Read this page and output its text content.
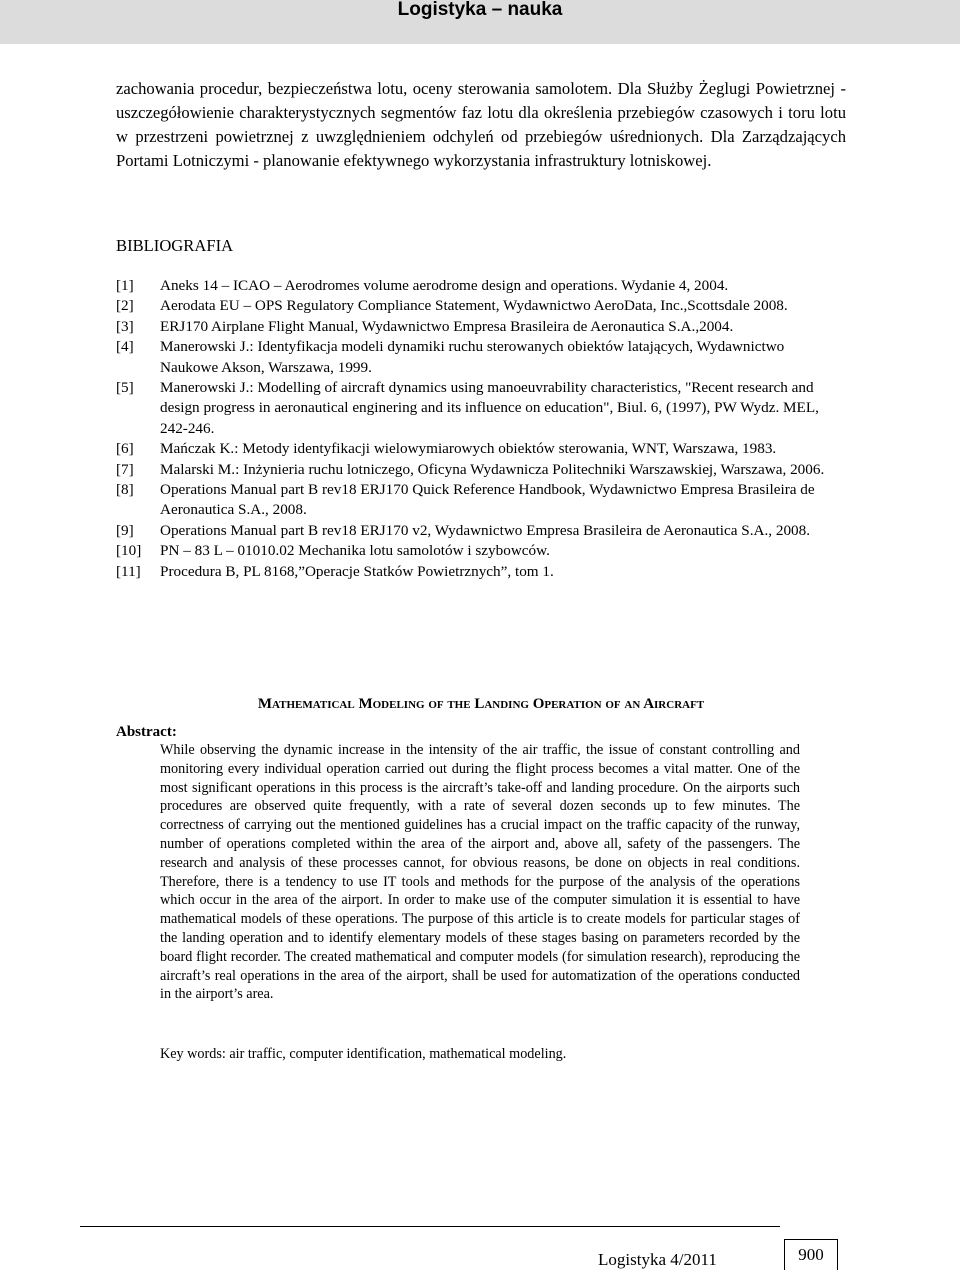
Logistyka – nauka
zachowania procedur, bezpieczeństwa lotu, oceny sterowania samolotem. Dla Służby Żeglugi Powietrznej - uszczegółowienie charakterystycznych segmentów faz lotu dla określenia przebiegów czasowych i toru lotu w przestrzeni powietrznej z uwzględnieniem odchyleń od przebiegów uśrednionych. Dla Zarządzających Portami Lotniczymi - planowanie efektywnego wykorzystania infrastruktury lotniskowej.
BIBLIOGRAFIA
[1]	Aneks 14 – ICAO – Aerodromes volume aerodrome design and operations. Wydanie 4, 2004.
[2]	Aerodata EU – OPS Regulatory Compliance Statement, Wydawnictwo AeroData, Inc.,Scottsdale 2008.
[3]	ERJ170 Airplane Flight Manual, Wydawnictwo Empresa Brasileira de Aeronautica S.A.,2004.
[4]	Manerowski J.: Identyfikacja modeli dynamiki ruchu sterowanych obiektów latających, Wydawnictwo Naukowe Akson, Warszawa, 1999.
[5]	Manerowski J.: Modelling of aircraft dynamics using manoeuvrability characteristics, "Recent research and design progress in aeronautical enginering and its influence on education", Biul. 6, (1997), PW Wydz. MEL, 242-246.
[6]	Mańczak K.: Metody identyfikacji wielowymiarowych obiektów sterowania, WNT, Warszawa, 1983.
[7]	Malarski M.: Inżynieria ruchu lotniczego, Oficyna Wydawnicza Politechniki Warszawskiej, Warszawa, 2006.
[8]	Operations Manual part B rev18 ERJ170 Quick Reference Handbook, Wydawnictwo Empresa Brasileira de Aeronautica S.A., 2008.
[9]	Operations Manual part B rev18 ERJ170 v2, Wydawnictwo Empresa Brasileira de Aeronautica S.A., 2008.
[10]	PN – 83 L – 01010.02 Mechanika lotu samolotów i szybowców.
[11]	Procedura B, PL 8168,”Operacje Statków Powietrznych”, tom 1.
Mathematical Modeling of the Landing Operation of an Aircraft
Abstract:
While observing the dynamic increase in the intensity of the air traffic, the issue of constant controlling and monitoring every individual operation carried out during the flight process becomes a vital matter. One of the most significant operations in this process is the aircraft’s take-off and landing procedure. On the airports such procedures are observed quite frequently, with a rate of several dozen seconds up to few minutes. The correctness of carrying out the mentioned guidelines has a crucial impact on the traffic capacity of the runway, number of operations completed within the area of the airport and, above all, safety of the passengers. The research and analysis of these processes cannot, for obvious reasons, be done on objects in real conditions. Therefore, there is a tendency to use IT tools and methods for the purpose of the analysis of the operations which occur in the area of the airport. In order to make use of the computer simulation it is essential to have mathematical models of these operations. The purpose of this article is to create models for particular stages of the landing operation and to identify elementary models of these stages basing on parameters recorded by the board flight recorder. The created mathematical and computer models (for simulation research), reproducing the aircraft’s real operations in the area of the airport, shall be used for automatization of the operations conducted in the airport’s area.
Key words: air traffic, computer identification, mathematical modeling.
Logistyka 4/2011	900
